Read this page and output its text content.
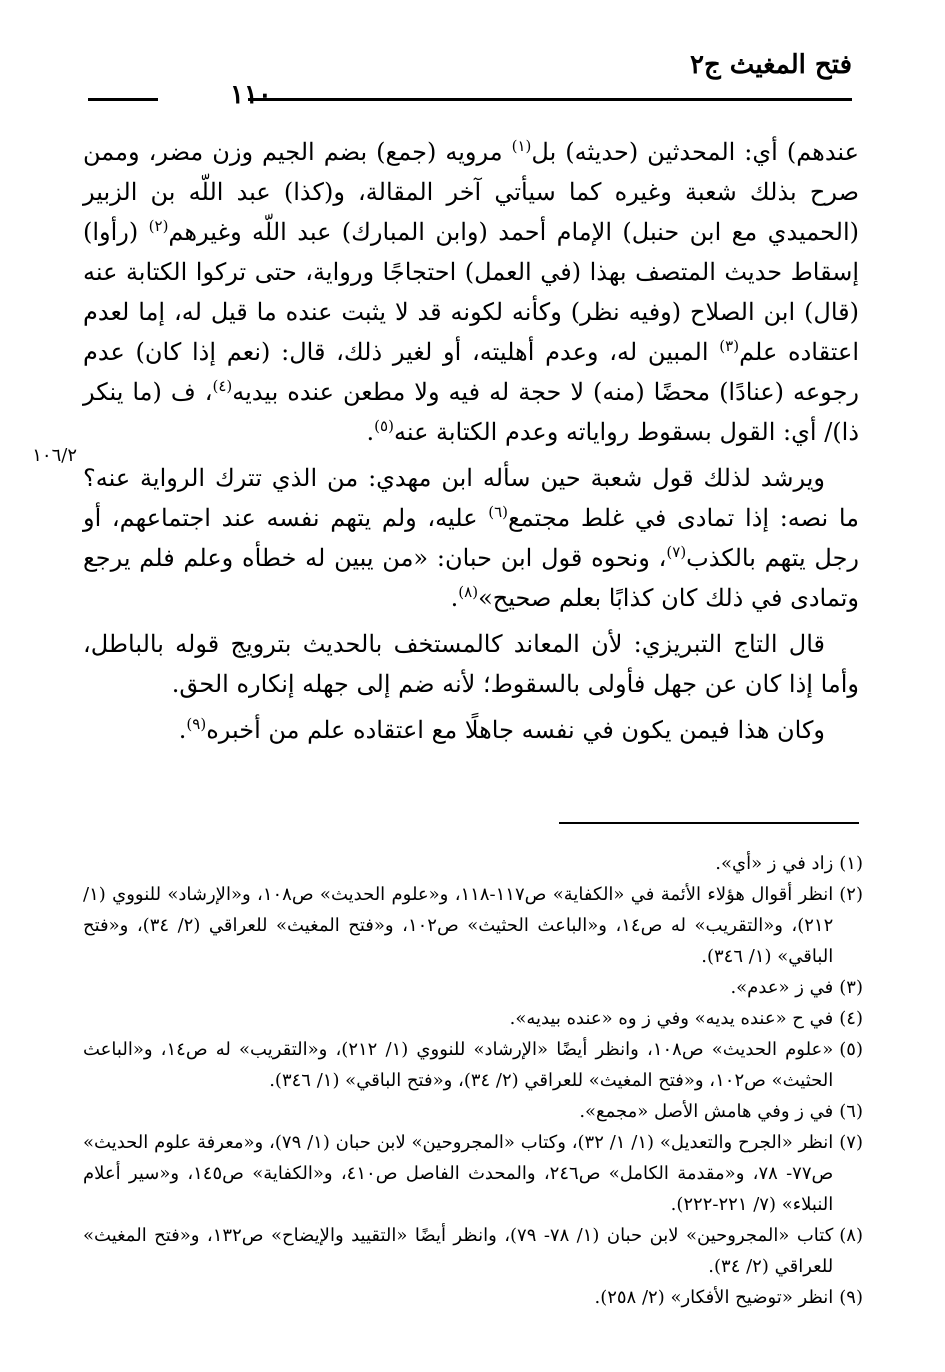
فتح المغيث ج٢
١١٠
١٠٦/٢

عندهم) أي: المحدثين (حديثه) بل$^{(١)}$ مرويه (جمع) بضم الجيم وزن مضر، وممن صرح بذلك شعبة وغيره كما سيأتي آخر المقالة، و(كذا) عبد اللّه بن الزبير (الحميدي مع ابن حنبل) الإمام أحمد (وابن المبارك) عبد اللّه وغيرهم$^{(٢)}$ (رأوا) إسقاط حديث المتصف بهذا (في العمل) احتجاجًا ورواية، حتى تركوا الكتابة عنه (قال) ابن الصلاح (وفيه نظر) وكأنه لكونه قد لا يثبت عنده ما قيل له، إما لعدم اعتقاده علم$^{(٣)}$ المبين له، وعدم أهليته، أو لغير ذلك، قال: (نعم إذا كان) عدم رجوعه (عنادًا) محضًا (منه) لا حجة له فيه ولا مطعن عنده بيديه$^{(٤)}$، ف (ما ينكر ذا)/ أي: القول بسقوط رواياته وعدم الكتابة عنه$^{(٥)}$.

ويرشد لذلك قول شعبة حين سأله ابن مهدي: من الذي تترك الرواية عنه؟ ما نصه: إذا تمادى في غلط مجتمع$^{(٦)}$ عليه، ولم يتهم نفسه عند اجتماعهم، أو رجل يتهم بالكذب$^{(٧)}$، ونحوه قول ابن حبان: «من يبين له خطأه وعلم فلم يرجع وتمادى في ذلك كان كذابًا بعلم صحيح»$^{(٨)}$.

قال التاج التبريزي: لأن المعاند كالمستخف بالحديث بترويج قوله بالباطل، وأما إذا كان عن جهل فأولى بالسقوط؛ لأنه ضم إلى جهله إنكاره الحق.

وكان هذا فيمن يكون في نفسه جاهلًا مع اعتقاده علم من أخبره$^{(٩)}$.

(١)
زاد في ز «أي».
(٢)
انظر أقوال هؤلاء الأئمة في «الكفاية» ص١١٧-١١٨، و«علوم الحديث» ص١٠٨، و«الإرشاد» للنووي (١/ ٢١٢)، و«التقريب» له ص١٤، و«الباعث الحثيث» ص١٠٢، و«فتح المغيث» للعراقي (٢/ ٣٤)، و«فتح الباقي» (١/ ٣٤٦).
(٣)
في ز «عدم».
(٤)
في ح «عنده يديه» وفي ز وه «عنده بيديه».
(٥)
«علوم الحديث» ص١٠٨، وانظر أيضًا «الإرشاد» للنووي (١/ ٢١٢)، و«التقريب» له ص١٤، و«الباعث الحثيث» ص١٠٢، و«فتح المغيث» للعراقي (٢/ ٣٤)، و«فتح الباقي» (١/ ٣٤٦).
(٦)
في ز وفي هامش الأصل «مجمع».
(٧)
انظر «الجرح والتعديل» (١/ ١/ ٣٢)، وكتاب «المجروحين» لابن حبان (١/ ٧٩)، و«معرفة علوم الحديث» ص٧٧- ٧٨، و«مقدمة الكامل» ص٢٤٦، والمحدث الفاصل ص٤١٠، و«الكفاية» ص١٤٥، و«سير أعلام النبلاء» (٧/ ٢٢١-٢٢٢).
(٨)
كتاب «المجروحين» لابن حبان (١/ ٧٨- ٧٩)، وانظر أيضًا «التقييد والإيضاح» ص١٣٢، و«فتح المغيث» للعراقي (٢/ ٣٤).
(٩)
انظر «توضيح الأفكار» (٢/ ٢٥٨).
